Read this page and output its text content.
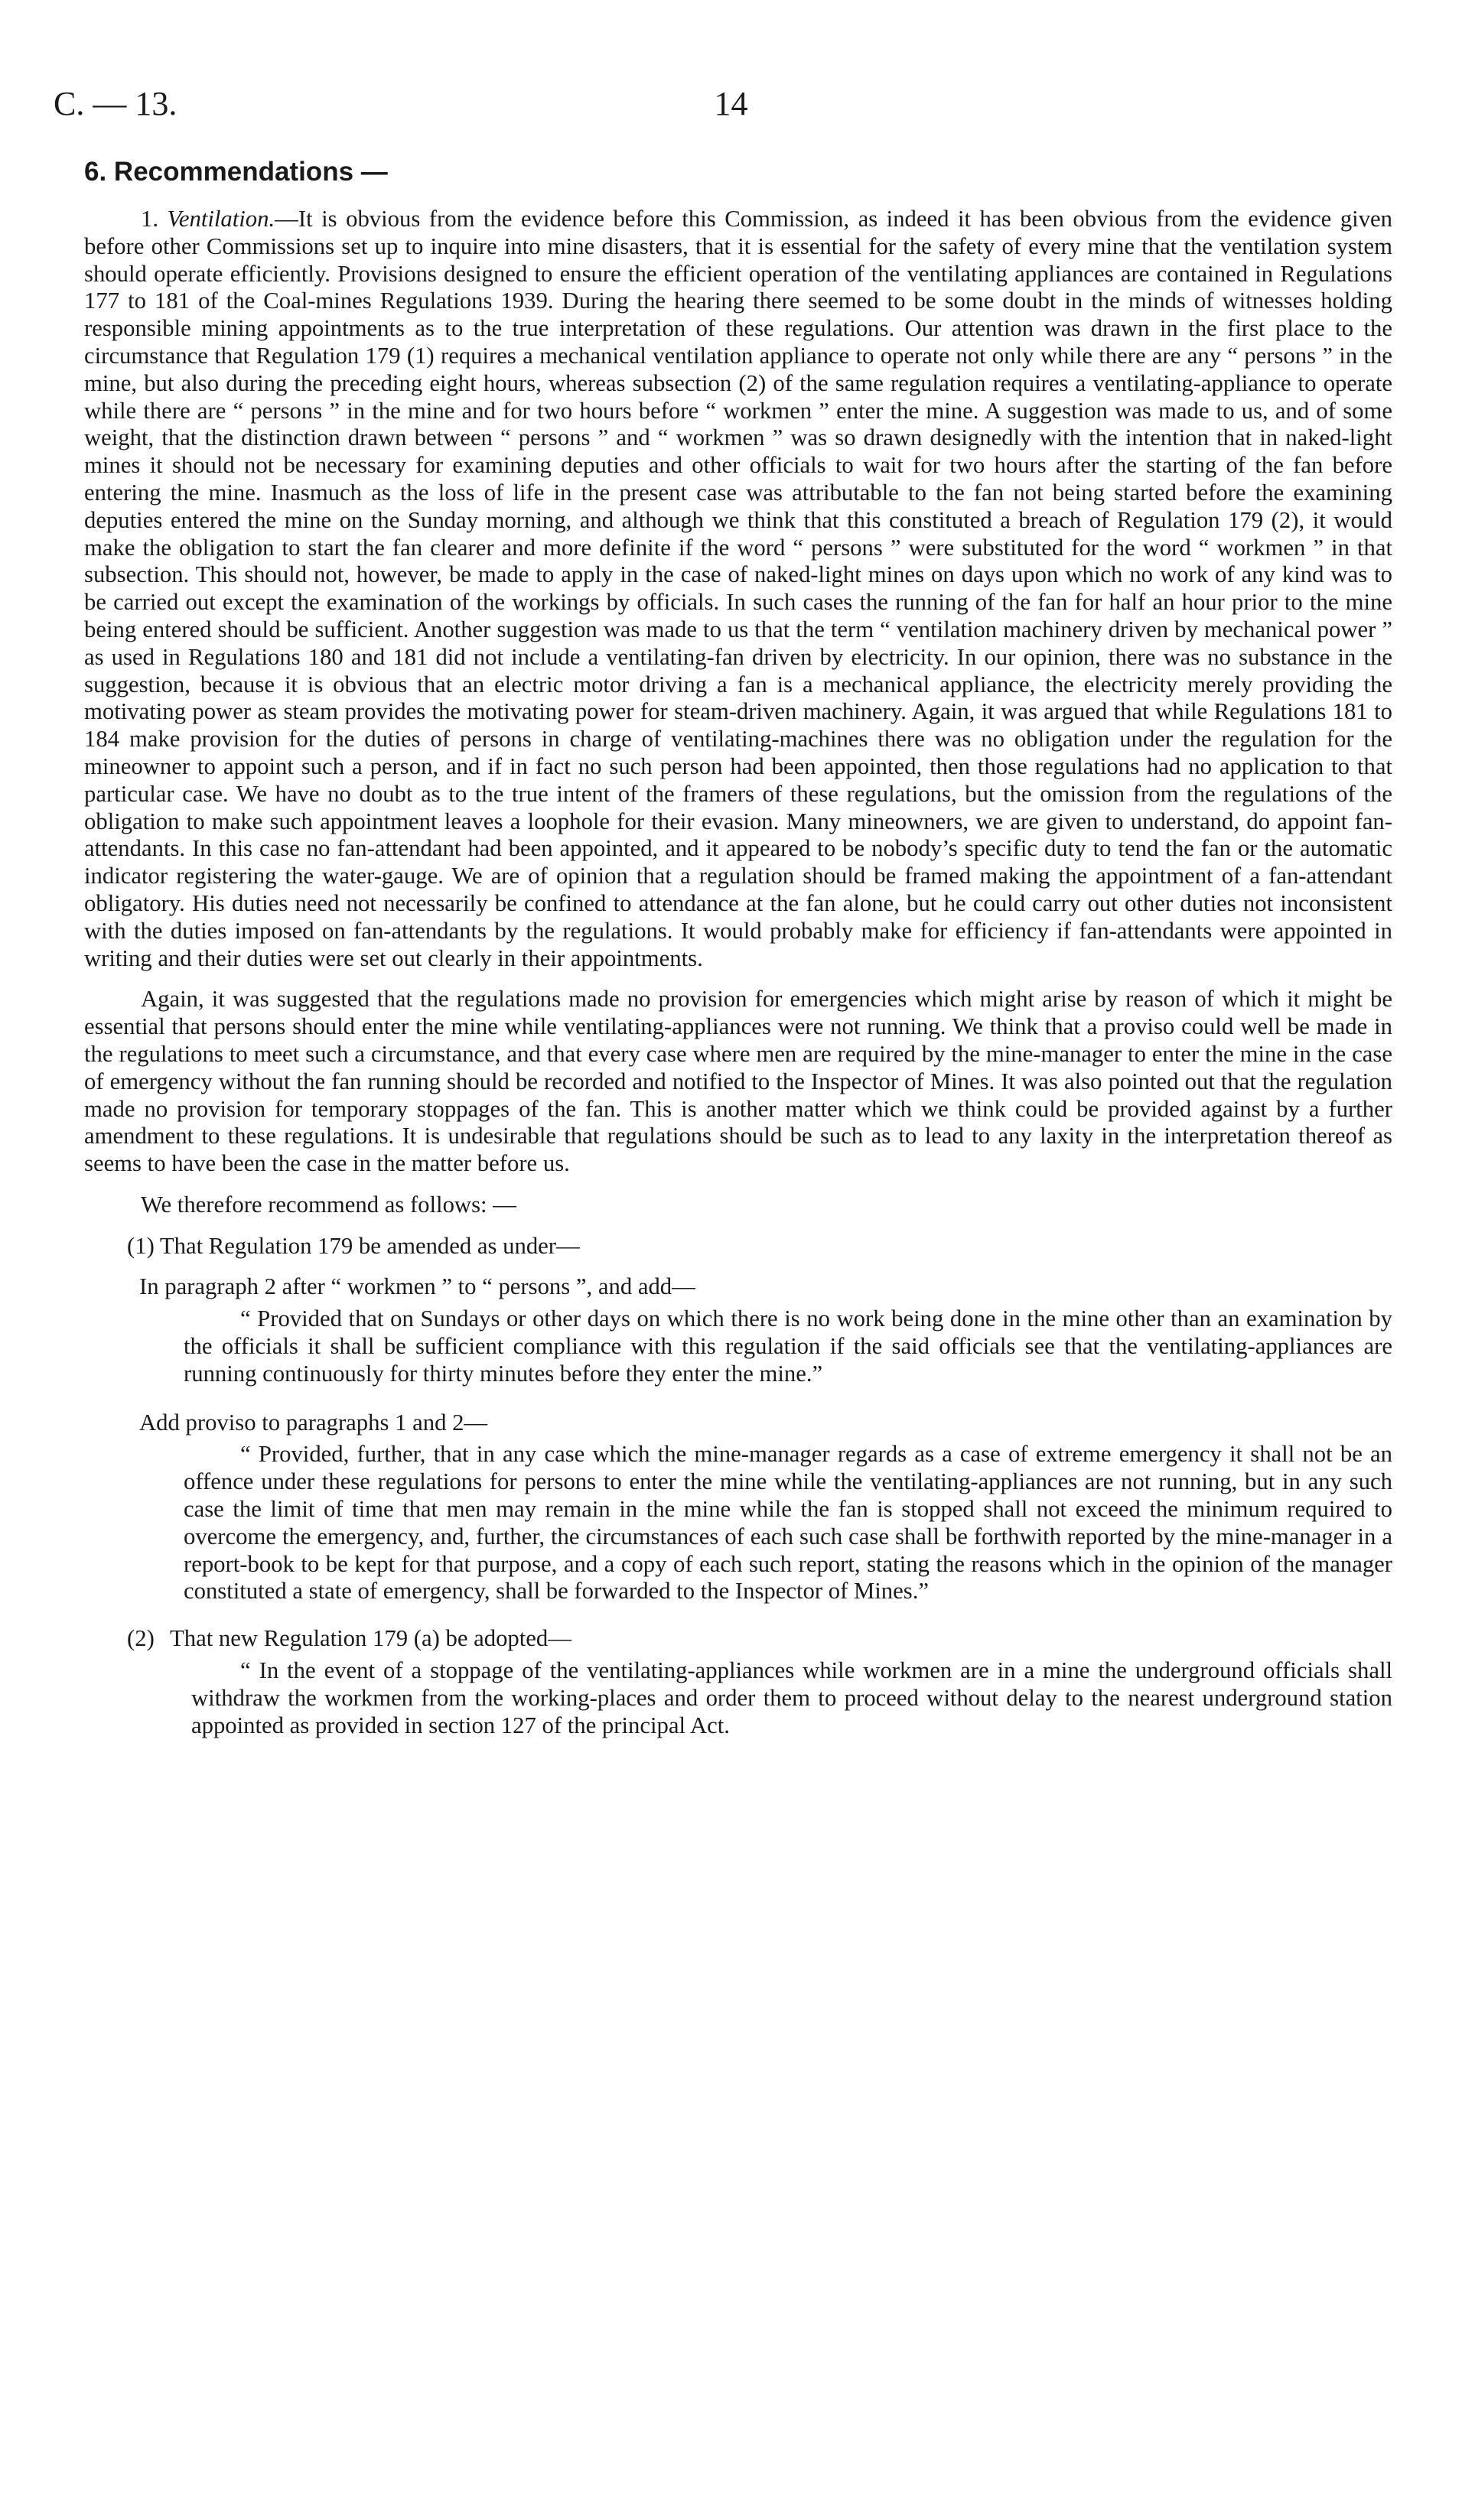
C. — 13.	14
6. Recommendations —

1. Ventilation.—It is obvious from the evidence before this Commission, as indeed it has been obvious from the evidence given before other Commissions set up to inquire into mine disasters, that it is essential for the safety of every mine that the ventilation system should operate efficiently. Provisions designed to ensure the efficient operation of the ventilating appliances are contained in Regulations 177 to 181 of the Coal-mines Regulations 1939. During the hearing there seemed to be some doubt in the minds of witnesses holding responsible mining appointments as to the true interpretation of these regulations. Our attention was drawn in the first place to the circumstance that Regulation 179 (1) requires a mechanical ventilation appliance to operate not only while there are any “ persons ” in the mine, but also during the preceding eight hours, whereas subsection (2) of the same regulation requires a ventilating-appliance to operate while there are “ persons ” in the mine and for two hours before “ workmen ” enter the mine. A suggestion was made to us, and of some weight, that the distinction drawn between “ persons ” and “ workmen ” was so drawn designedly with the intention that in naked-light mines it should not be necessary for examining deputies and other officials to wait for two hours after the starting of the fan before entering the mine. Inasmuch as the loss of life in the present case was attributable to the fan not being started before the examining deputies entered the mine on the Sunday morning, and although we think that this constituted a breach of Regulation 179 (2), it would make the obligation to start the fan clearer and more definite if the word “ persons ” were substituted for the word “ workmen ” in that subsection. This should not, however, be made to apply in the case of naked-light mines on days upon which no work of any kind was to be carried out except the examination of the workings by officials. In such cases the running of the fan for half an hour prior to the mine being entered should be sufficient. Another suggestion was made to us that the term “ ventilation machinery driven by mechanical power ” as used in Regulations 180 and 181 did not include a ventilating-fan driven by electricity. In our opinion, there was no substance in the suggestion, because it is obvious that an electric motor driving a fan is a mechanical appliance, the electricity merely providing the motivating power as steam provides the motivating power for steam-driven machinery. Again, it was argued that while Regulations 181 to 184 make provision for the duties of persons in charge of ventilating-machines there was no obligation under the regulation for the mineowner to appoint such a person, and if in fact no such person had been appointed, then those regulations had no application to that particular case. We have no doubt as to the true intent of the framers of these regulations, but the omission from the regulations of the obligation to make such appointment leaves a loophole for their evasion. Many mineowners, we are given to understand, do appoint fan-attendants. In this case no fan-attendant had been appointed, and it appeared to be nobody’s specific duty to tend the fan or the automatic indicator registering the water-gauge. We are of opinion that a regulation should be framed making the appointment of a fan-attendant obligatory. His duties need not necessarily be confined to attendance at the fan alone, but he could carry out other duties not inconsistent with the duties imposed on fan-attendants by the regulations. It would probably make for efficiency if fan-attendants were appointed in writing and their duties were set out clearly in their appointments.

Again, it was suggested that the regulations made no provision for emergencies which might arise by reason of which it might be essential that persons should enter the mine while ventilating-appliances were not running. We think that a proviso could well be made in the regulations to meet such a circumstance, and that every case where men are required by the mine-manager to enter the mine in the case of emergency without the fan running should be recorded and notified to the Inspector of Mines. It was also pointed out that the regulation made no provision for temporary stoppages of the fan. This is another matter which we think could be provided against by a further amendment to these regulations. It is undesirable that regulations should be such as to lead to any laxity in the interpretation thereof as seems to have been the case in the matter before us.

We therefore recommend as follows: —

(1) That Regulation 179 be amended as under—

In paragraph 2 after “ workmen ” to “ persons ”, and add—

“ Provided that on Sundays or other days on which there is no work being done in the mine other than an examination by the officials it shall be sufficient compliance with this regulation if the said officials see that the ventilating-appliances are running continuously for thirty minutes before they enter the mine.”

Add proviso to paragraphs 1 and 2—

“ Provided, further, that in any case which the mine-manager regards as a case of extreme emergency it shall not be an offence under these regulations for persons to enter the mine while the ventilating-appliances are not running, but in any such case the limit of time that men may remain in the mine while the fan is stopped shall not exceed the minimum required to overcome the emergency, and, further, the circumstances of each such case shall be forthwith reported by the mine-manager in a report-book to be kept for that purpose, and a copy of each such report, stating the reasons which in the opinion of the manager constituted a state of emergency, shall be forwarded to the Inspector of Mines.”

(2) That new Regulation 179 (a) be adopted—

“ In the event of a stoppage of the ventilating-appliances while workmen are in a mine the underground officials shall withdraw the workmen from the working-places and order them to proceed without delay to the nearest underground station appointed as provided in section 127 of the principal Act.
